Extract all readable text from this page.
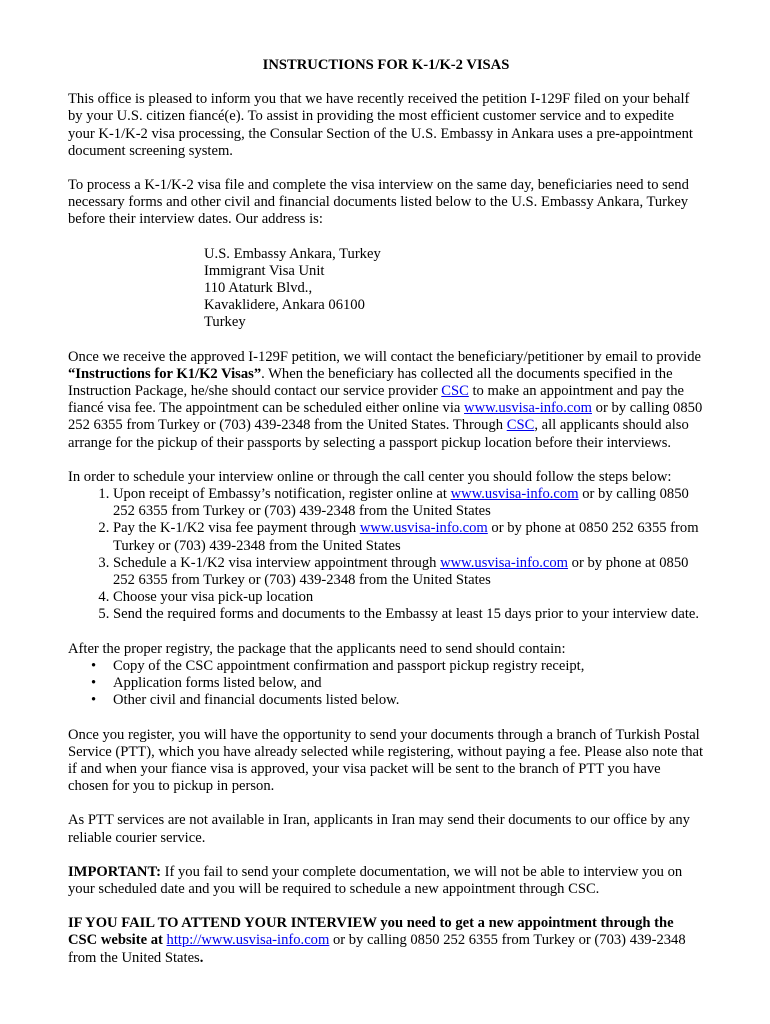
INSTRUCTIONS FOR K-1/K-2 VISAS

This office is pleased to inform you that we have recently received the petition I-129F filed on your behalf by your U.S. citizen fiancé(e). To assist in providing the most efficient customer service and to expedite your K-1/K-2 visa processing, the Consular Section of the U.S. Embassy in Ankara uses a pre-appointment document screening system.

To process a K-1/K-2 visa file and complete the visa interview on the same day, beneficiaries need to send necessary forms and other civil and financial documents listed below to the U.S. Embassy Ankara, Turkey before their interview dates. Our address is:

U.S. Embassy Ankara, Turkey
Immigrant Visa Unit
110 Ataturk Blvd.,
Kavaklidere, Ankara 06100
Turkey

Once we receive the approved I-129F petition, we will contact the beneficiary/petitioner by email to provide “Instructions for K1/K2 Visas”. When the beneficiary has collected all the documents specified in the Instruction Package, he/she should contact our service provider CSC to make an appointment and pay the fiancé visa fee. The appointment can be scheduled either online via www.usvisa-info.com or by calling 0850 252 6355 from Turkey or (703) 439-2348 from the United States. Through CSC, all applicants should also arrange for the pickup of their passports by selecting a passport pickup location before their interviews.

In order to schedule your interview online or through the call center you should follow the steps below:
1. Upon receipt of Embassy’s notification, register online at www.usvisa-info.com or by calling 0850 252 6355 from Turkey or (703) 439-2348 from the United States
2. Pay the K-1/K2 visa fee payment through www.usvisa-info.com or by phone at 0850 252 6355 from Turkey or (703) 439-2348 from the United States
3. Schedule a K-1/K2 visa interview appointment through www.usvisa-info.com or by phone at 0850 252 6355 from Turkey or (703) 439-2348 from the United States
4. Choose your visa pick-up location
5. Send the required forms and documents to the Embassy at least 15 days prior to your interview date.
After the proper registry, the package that the applicants need to send should contain:
• Copy of the CSC appointment confirmation and passport pickup registry receipt,
• Application forms listed below, and
• Other civil and financial documents listed below.

Once you register, you will have the opportunity to send your documents through a branch of Turkish Postal Service (PTT), which you have already selected while registering, without paying a fee. Please also note that if and when your fiance visa is approved, your visa packet will be sent to the branch of PTT you have chosen for you to pickup in person.

As PTT services are not available in Iran, applicants in Iran may send their documents to our office by any reliable courier service.

IMPORTANT: If you fail to send your complete documentation, we will not be able to interview you on your scheduled date and you will be required to schedule a new appointment through CSC.

IF YOU FAIL TO ATTEND YOUR INTERVIEW you need to get a new appointment through the CSC website at http://www.usvisa-info.com or by calling 0850 252 6355 from Turkey or (703) 439-2348 from the United States.
